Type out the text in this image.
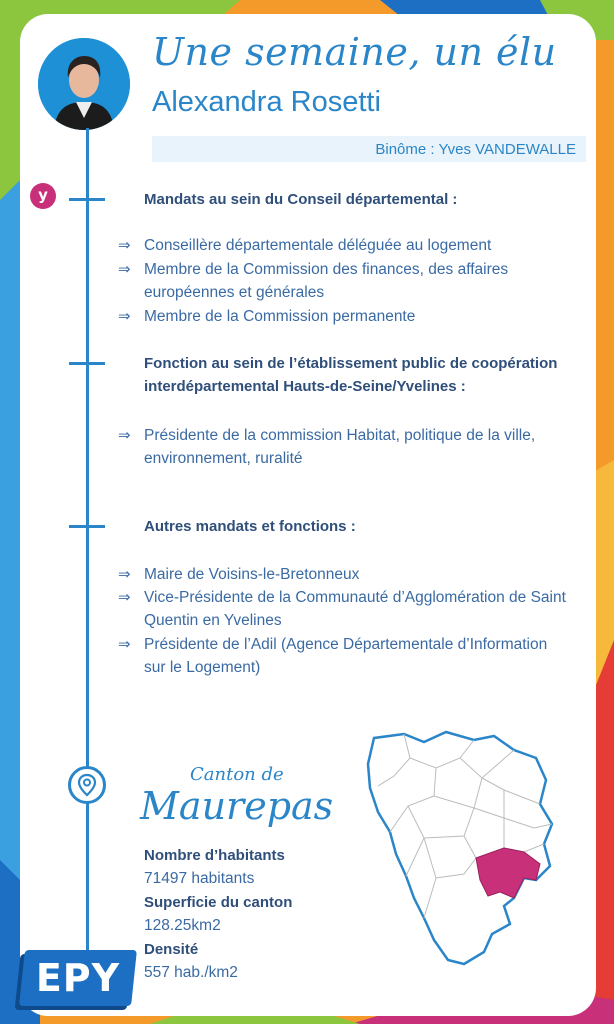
Une semaine, un élu
Alexandra Rosetti
Binôme : Yves VANDEWALLE
y	Mandats au sein du Conseil départemental :
⇒ Conseillère départementale déléguée au logement
⇒ Membre de la Commission des finances, des affaires européennes et générales
⇒ Membre de la Commission permanente
Fonction au sein de l’établissement public de coopération interdépartemental Hauts-de-Seine/Yvelines :
⇒ Présidente de la commission Habitat, politique de la ville, environnement, ruralité
Autres mandats et fonctions :
⇒ Maire de Voisins-le-Bretonneux
⇒ Vice-Présidente de la Communauté d’Agglomération de Saint Quentin en Yvelines
⇒ Présidente de l’Adil (Agence Départementale d’Information sur le Logement)
Canton de
Maurepas
Nombre d’habitants
71497 habitants
Superficie du canton
128.25km2
Densité
557 hab./km2
EPY
